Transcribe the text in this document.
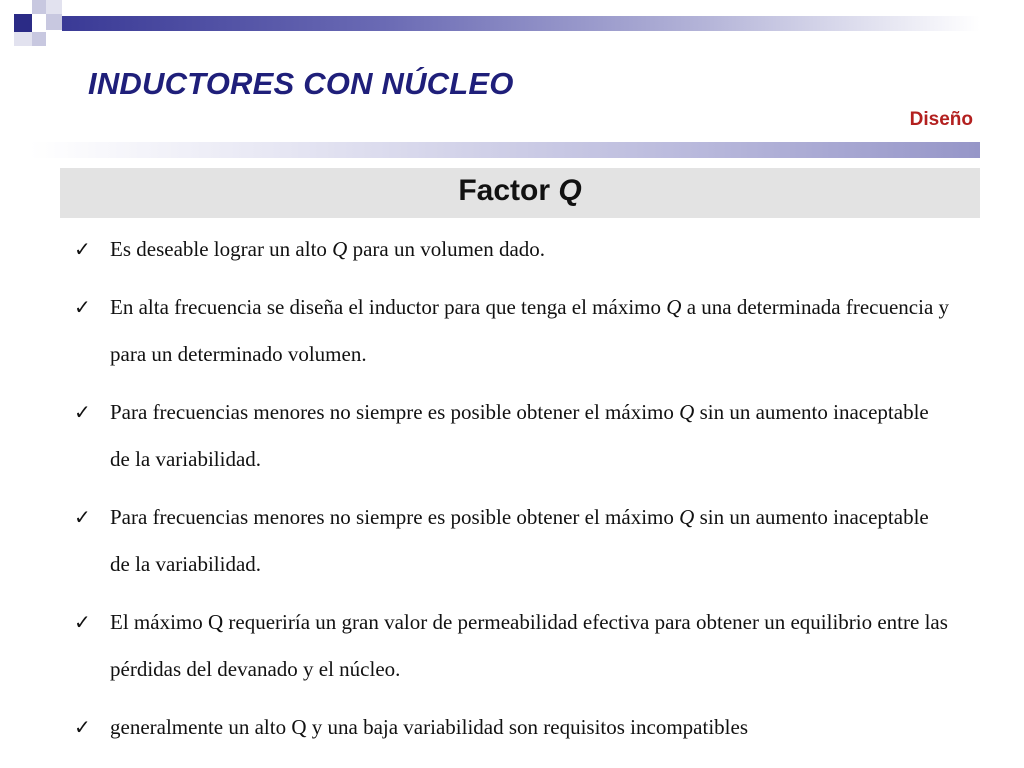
INDUCTORES CON NÚCLEO
Diseño
Factor Q
✓ Es deseable lograr un alto Q para un volumen dado.
✓ En alta frecuencia se diseña el inductor para que tenga el máximo Q a una determinada frecuencia y para un determinado volumen.
✓ Para frecuencias menores no siempre es posible obtener el máximo Q sin un aumento inaceptable de la variabilidad.
✓ Para frecuencias menores no siempre es posible obtener el máximo Q sin un aumento inaceptable de la variabilidad.
✓ El máximo Q requeriría un gran valor de permeabilidad efectiva para obtener un equilibrio entre las pérdidas del devanado y el núcleo.
✓ generalmente un alto Q y una baja variabilidad son requisitos incompatibles
